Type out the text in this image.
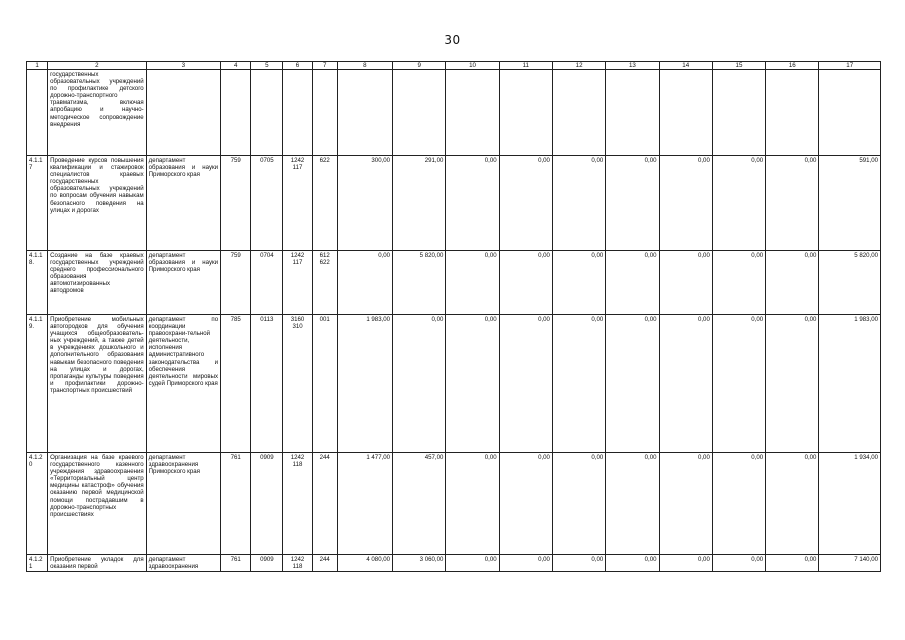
30
1	2	3	4	5	6	7	8	9	10	11	12	13	14	15	16	17
	государственных образовательных учреждений по профилактике детского дорожно-транспортного травматизма, включая апробацию и научно-методическое сопровождение внедрения															
4.1.1 7	Проведение курсов повышения квалификации и стажировок специалистов краевых государственных образовательных учреждений по вопросам обучения навыкам безопасного поведения на улицах и дорогах	департамент образования и науки Приморского края	759	0705	1242 117	622	300,00	291,00	0,00	0,00	0,00	0,00	0,00	0,00	0,00	591,00
4.1.1 8.	Создание на базе краевых государственных учреждений среднего профессионального образования автомотизированных автодромов	департамент образования и науки Приморского края	759	0704	1242 117	612 622	0,00	5 820,00	0,00	0,00	0,00	0,00	0,00	0,00	0,00	5 820,00
4.1.1 9.	Приобретение мобильных автогородков для обучения учащихся общеобразователь-ных учреждений, а также детей в учреждениях дошкольного и дополнительного образования навыкам безопасного поведения на улицах и дорогах, пропаганды культуры поведения и профилактики дорожно-транспортных происшествий	департамент по координации правоохрани-тельной деятельности, исполнения административного законодательства и обеспечения деятельности мировых судей Приморского края	785	0113	3160 310	001	1 983,00	0,00	0,00	0,00	0,00	0,00	0,00	0,00	0,00	1 983,00
4.1.2 0	Организация на базе краевого государственного казенного учреждения здравоохранения «Территориальный центр медицины катастроф» обучения оказанию первой медицинской помощи пострадавшим в дорожно-транспортных происшествиях	департамент здравоохранения Приморского края	761	0909	1242 118	244	1 477,00	457,00	0,00	0,00	0,00	0,00	0,00	0,00	0,00	1 934,00
4.1.2 1	Приобретение укладок для оказания первой	департамент здравоохранения	761	0909	1242 118	244	4 080,00	3 060,00	0,00	0,00	0,00	0,00	0,00	0,00	0,00	7 140,00
